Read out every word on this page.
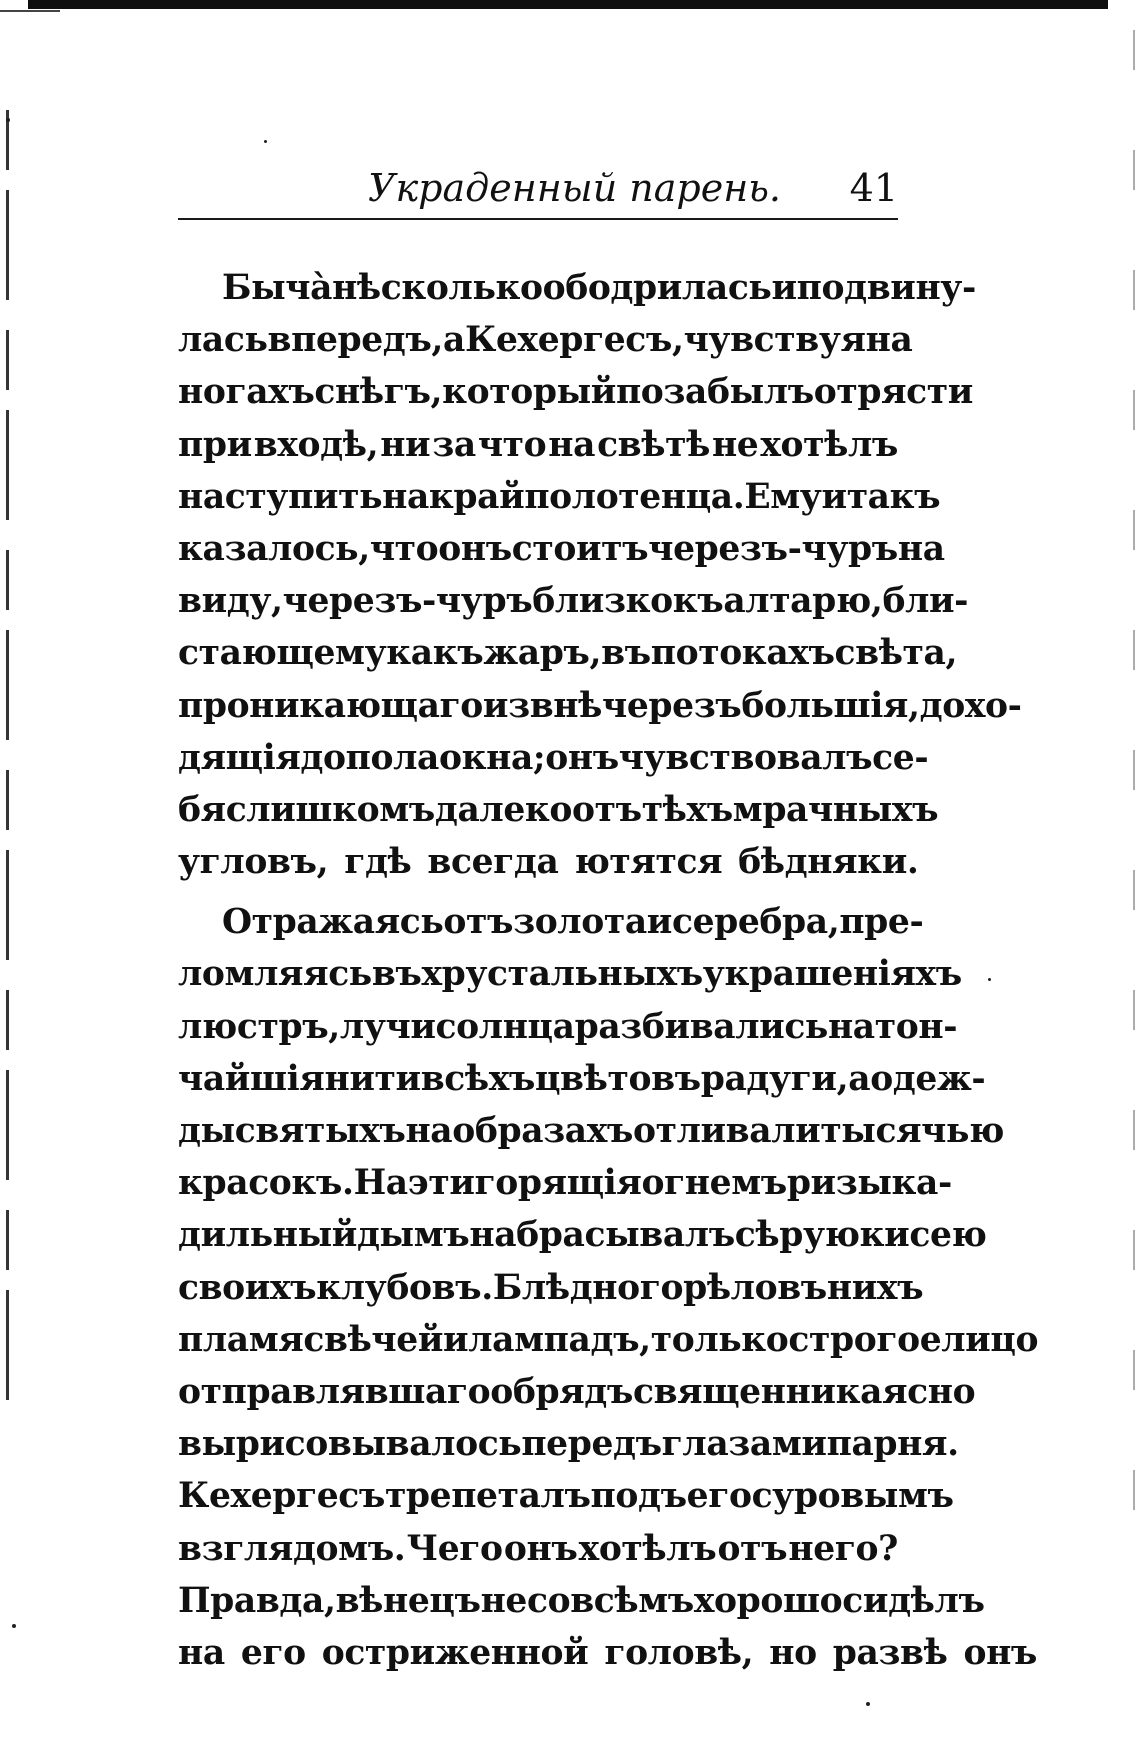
Украденный парень. 41
Бычà нѣсколько ободрилась и подвину-
лась впередъ, а Кехергесъ, чувствуя на
ногахъ снѣгъ, который позабылъ отрясти
при входѣ, ни за что на свѣтѣ не хотѣлъ
наступить на край полотенца. Ему и такъ
казалось, что онъ стоитъ черезъ-чуръ на
виду, черезъ-чуръ близко къ алтарю, бли-
стающему какъ жаръ, въ потокахъ свѣта,
проникающаго извнѣ черезъ большія, дохо-
дящія до пола окна; онъ чувствовалъ се-
бя слишкомъ далеко отъ тѣхъ мрачныхъ
угловъ, гдѣ всегда ютятся бѣдняки.
Отражаясь отъ золота и серебра, пре-
ломляясь въ хрустальныхъ украшеніяхъ
люстръ, лучи солнца разбивались на тон-
чайшія нити всѣхъ цвѣтовъ радуги, а одеж-
ды святыхъ на образахъ отливали тысячью
красокъ. На эти горящія огнемъ ризы ка-
дильный дымъ набрасывалъ сѣрую кисею
своихъ клубовъ. Блѣдно горѣло въ нихъ
пламя свѣчей и лампадъ, только строгое лицо
отправлявшаго обрядъ священника ясно
вырисовывалось передъ глазами парня.
Кехергесъ трепеталъ подъ его суровымъ
взглядомъ. Чего онъ хотѣлъ отъ него?
Правда, вѣнецъ не совсѣмъ хорошо сидѣлъ
на его остриженной головѣ, но развѣ онъ
